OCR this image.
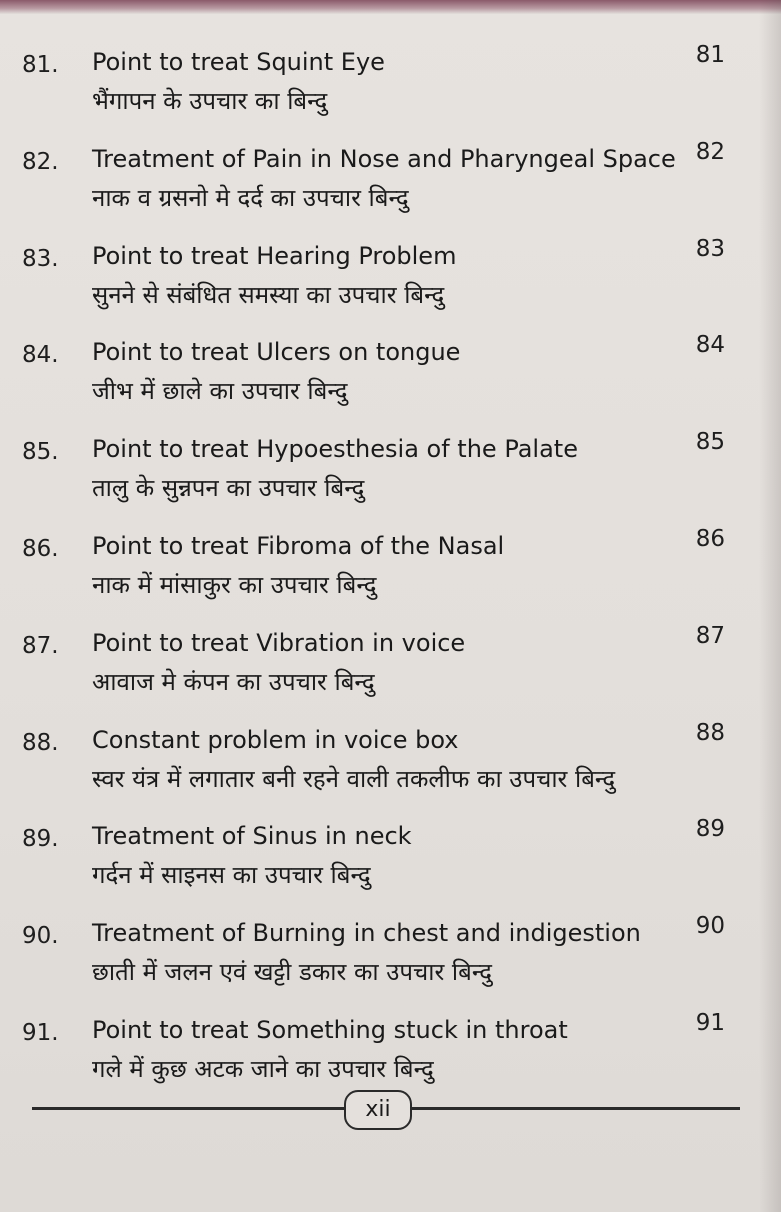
81. Point to treat Squint Eye
भैंगापन के उपचार का बिन्दु
81
82. Treatment of Pain in Nose and Pharyngeal Space
नाक व ग्रसनो मे दर्द का उपचार बिन्दु
82
83. Point to treat Hearing Problem
सुनने से संबंधित समस्या का उपचार बिन्दु
83
84. Point to treat Ulcers on tongue
जीभ में छाले का उपचार बिन्दु
84
85. Point to treat Hypoesthesia of the Palate
तालु के सुन्नपन का उपचार बिन्दु
85
86. Point to treat Fibroma of the Nasal
नाक में मांसाकुर का उपचार बिन्दु
86
87. Point to treat Vibration in voice
आवाज मे कंपन का उपचार बिन्दु
87
88. Constant problem in voice box
स्वर यंत्र में लगातार बनी रहने वाली तकलीफ का उपचार बिन्दु
88
89. Treatment of Sinus in neck
गर्दन में साइनस का उपचार बिन्दु
89
90. Treatment of Burning in chest and indigestion
छाती में जलन एवं खट्टी डकार का उपचार बिन्दु
90
91. Point to treat Something stuck in throat
गले में कुछ अटक जाने का उपचार बिन्दु
91
xii
